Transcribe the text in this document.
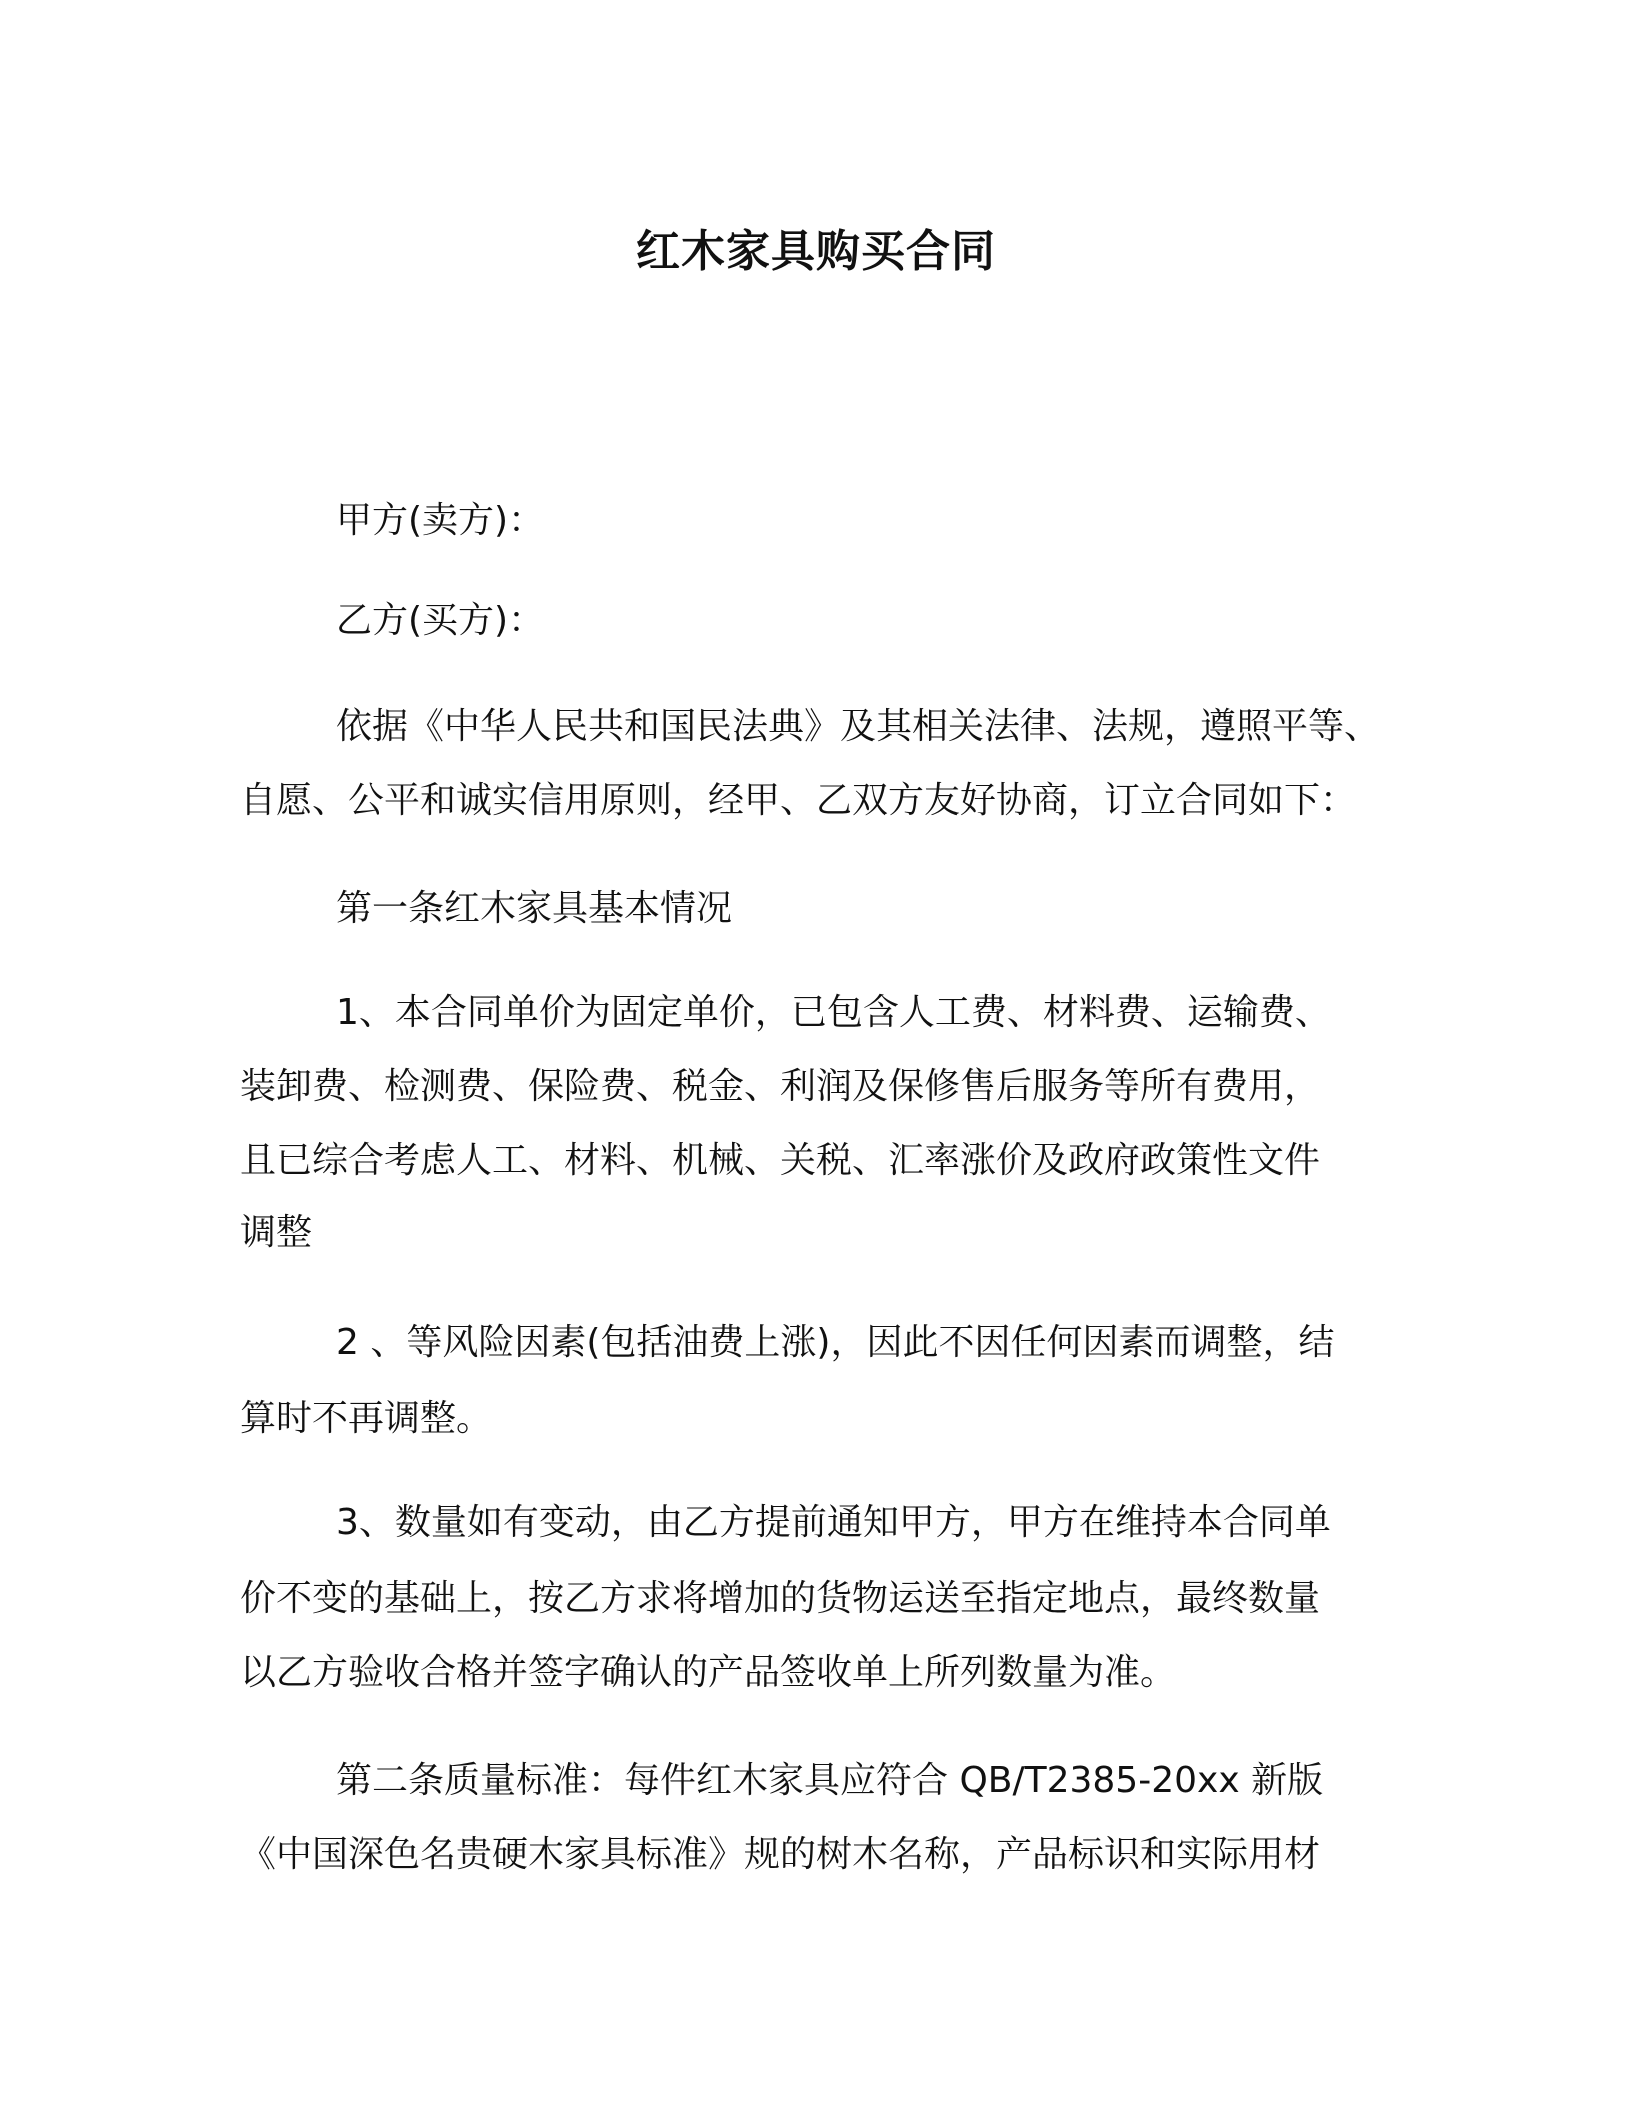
红木家具购买合同
甲方(卖方)：
乙方(买方)：
依据《中华人民共和国民法典》及其相关法律、法规，遵照平等、
自愿、公平和诚实信用原则，经甲、乙双方友好协商，订立合同如下：
第一条红木家具基本情况
1、本合同单价为固定单价，已包含人工费、材料费、运输费、
装卸费、检测费、保险费、税金、利润及保修售后服务等所有费用，
且已综合考虑人工、材料、机械、关税、汇率涨价及政府政策性文件
调整
2 、等风险因素(包括油费上涨)，因此不因任何因素而调整，结
算时不再调整。
3、数量如有变动，由乙方提前通知甲方，甲方在维持本合同单
价不变的基础上，按乙方求将增加的货物运送至指定地点，最终数量
以乙方验收合格并签字确认的产品签收单上所列数量为准。
第二条质量标准：每件红木家具应符合 QB/T2385-20xx 新版
《中国深色名贵硬木家具标准》规的树木名称，产品标识和实际用材
